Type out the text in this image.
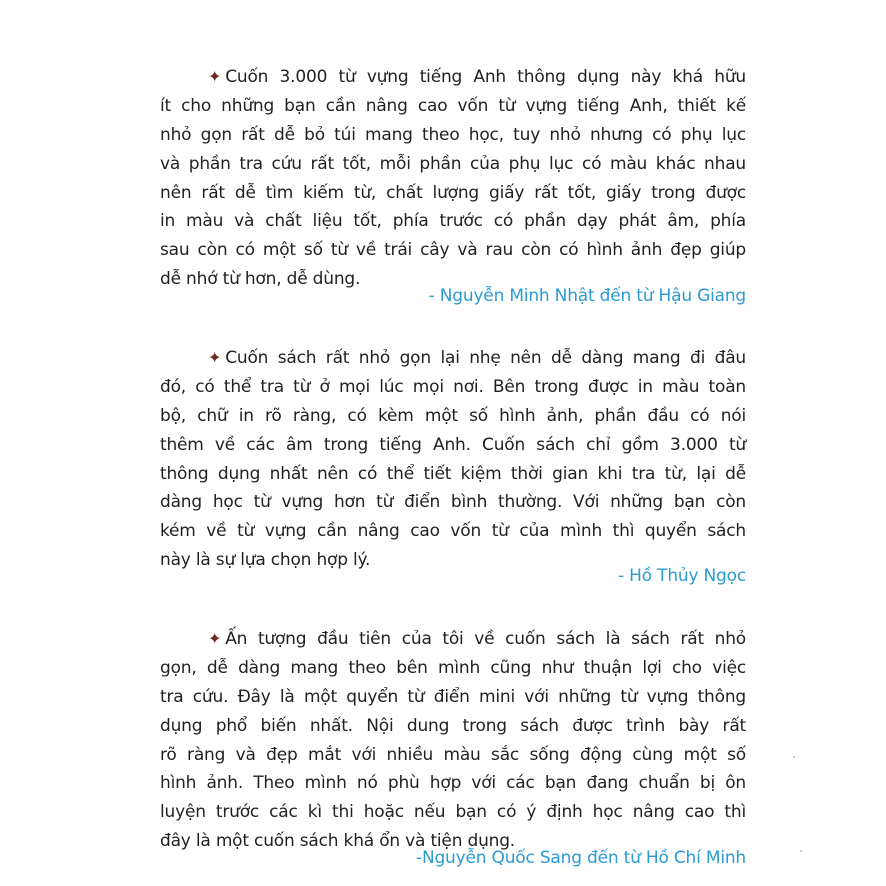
✦ Cuốn 3.000 từ vựng tiếng Anh thông dụng này khá hữu
ít cho những bạn cần nâng cao vốn từ vựng tiếng Anh, thiết kế
nhỏ gọn rất dễ bỏ túi mang theo học, tuy nhỏ nhưng có phụ lục
và phần tra cứu rất tốt, mỗi phần của phụ lục có màu khác nhau
nên rất dễ tìm kiếm từ, chất lượng giấy rất tốt, giấy trong được
in màu và chất liệu tốt, phía trước có phần dạy phát âm, phía
sau còn có một số từ về trái cây và rau còn có hình ảnh đẹp giúp
dễ nhớ từ hơn, dễ dùng.

- Nguyễn Minh Nhật đến từ Hậu Giang

✦ Cuốn sách rất nhỏ gọn lại nhẹ nên dễ dàng mang đi đâu
đó, có thể tra từ ở mọi lúc mọi nơi. Bên trong được in màu toàn
bộ, chữ in rõ ràng, có kèm một số hình ảnh, phần đầu có nói
thêm về các âm trong tiếng Anh. Cuốn sách chỉ gồm 3.000 từ
thông dụng nhất nên có thể tiết kiệm thời gian khi tra từ, lại dễ
dàng học từ vựng hơn từ điển bình thường. Với những bạn còn
kém về từ vựng cần nâng cao vốn từ của mình thì quyển sách
này là sự lựa chọn hợp lý.

- Hồ Thủy Ngọc

✦ Ấn tượng đầu tiên của tôi về cuốn sách là sách rất nhỏ
gọn, dễ dàng mang theo bên mình cũng như thuận lợi cho việc
tra cứu. Đây là một quyển từ điển mini với những từ vựng thông
dụng phổ biến nhất. Nội dung trong sách được trình bày rất
rõ ràng và đẹp mắt với nhiều màu sắc sống động cùng một số
hình ảnh. Theo mình nó phù hợp với các bạn đang chuẩn bị ôn
luyện trước các kì thi hoặc nếu bạn có ý định học nâng cao thì
đây là một cuốn sách khá ổn và tiện dụng.

-Nguyễn Quốc Sang đến từ Hồ Chí Minh
